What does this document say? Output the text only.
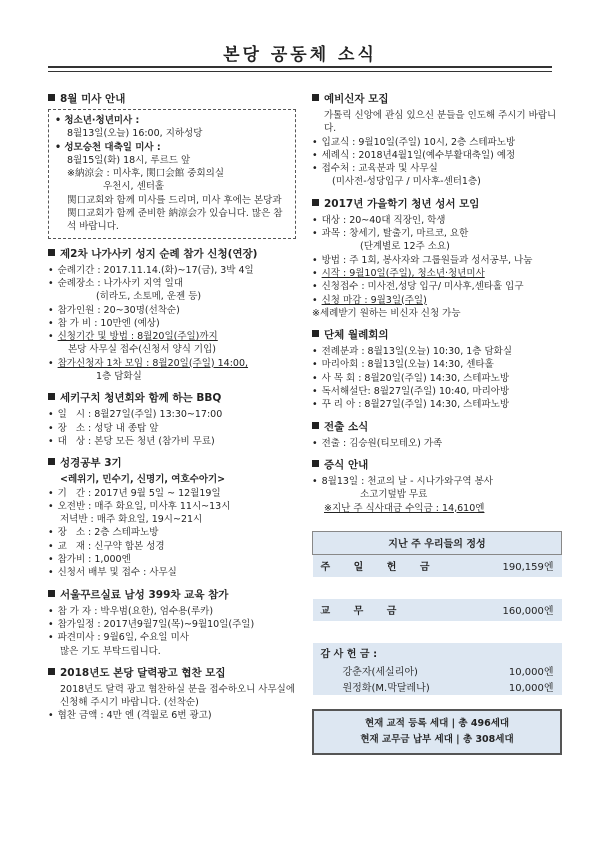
본당 공동체 소식
8월 미사 안내
• 청소년·청년미사 :
8월13일(오늘) 16:00, 지하성당
• 성모승천 대축일 미사 :
8월15일(화) 18시, 루르드 앞
※納涼会 : 미사후, 関口会館 중회의실
우천시, 센터홀
関口교회와 함께 미사를 드리며, 미사 후에는 본당과 関口교회가 함께 준비한 納涼会가 있습니다. 많은 참석 바랍니다.
제2차 나가사키 성지 순례 참가 신청(연장)
• 순례기간 : 2017.11.14.(화)~17(금), 3박 4일
• 순례장소 : 나가사키 지역 일대
(히라도, 소토메, 운젠 등)
• 참가인원 : 20~30명(선착순)
• 참 가 비 : 10만엔 (예상)
• 신청기간 및 방법 : 8월20일(주일)까지
본당 사무실 접수(신청서 양식 기입)
• 참가신청자 1차 모임 : 8월20일(주일) 14:00,
1층 담화실
세키구치 청년회와 함께 하는 BBQ
• 일   시 : 8월27일(주일) 13:30~17:00
• 장   소 : 성당 내 종탑 앞
• 대   상 : 본당 모든 청년 (참가비 무료)
성경공부 3기
<레위기, 민수기, 신명기, 여호수아기>
• 기   간 : 2017년 9월 5일 ~ 12월19일
• 오전반 : 매주 화요일, 미사후 11시~13시
저녁반 : 매주 화요일, 19시~21시
• 장   소 : 2층 스테파노방
• 교   재 : 신구약 합본 성경
• 참가비 : 1,000엔
• 신청서 배부 및 접수 : 사무실
서울꾸르실료 남성 399차 교육 참가
• 참 가 자 : 박우범(요한), 엄수용(루카)
• 참가일정 : 2017년9월7일(목)~9월10일(주일)
• 파견미사 : 9월6일, 수요일 미사
많은 기도 부탁드립니다.
2018년도 본당 달력광고 협찬 모집
2018년도 달력 광고 협찬하실 분을 접수하오니 사무실에 신청해 주시기 바랍니다. (선착순)
• 협찬 금액 : 4만 엔 (격월로 6번 광고)
예비신자 모집
가톨릭 신앙에 관심 있으신 분들을 인도해 주시기 바랍니다.
• 입교식 : 9월10일(주일) 10시, 2층 스테파노방
• 세례식 : 2018년4월1일(예수부활대축일) 예정
• 접수처 : 교육분과 및 사무실
(미사전-성당입구 / 미사후-센터1층)
2017년 가을학기 청년 성서 모임
• 대상 : 20~40대 직장인, 학생
• 과목 : 창세기, 탈출기, 마르코, 요한
(단계별로 12주 소요)
• 방법 : 주 1회, 봉사자와 그룹원들과 성서공부, 나눔
• 시작 : 9월10일(주일), 청소년·청년미사
• 신청접수 : 미사전,성당 입구/ 미사후,센타홀 입구
• 신청 마감 : 9월3일(주일)
※세례받기 원하는 비신자 신청 가능
단체 월례회의
• 전례분과 : 8월13일(오늘) 10:30, 1층 담화실
• 마리아회 : 8월13일(오늘) 14:30, 센타홀
• 사 목 회 : 8월20일(주일) 14:30, 스테파노방
• 독서해설단: 8월27일(주일) 10:40, 마리아방
• 꾸 리 아 : 8월27일(주일) 14:30, 스테파노방
전출 소식
• 전출 : 김승원(티모테오) 가족
증식 안내
• 8월13일 : 천교의 날 - 시나가와구역 봉사
소고기덮밥 무료
※지난 주 식사대금 수익금 : 14,610엔
지난 주 우리들의 정성	
주 일 헌 금	190,159엔

교 무 금	160,000엔

감 사 헌 금 :	
강춘자(세실리아)	10,000엔
원정화(M.막달레나)	10,000엔
현재 교적 등록 세대 | 총 496세대
현재 교무금 납부 세대 | 총 308세대
